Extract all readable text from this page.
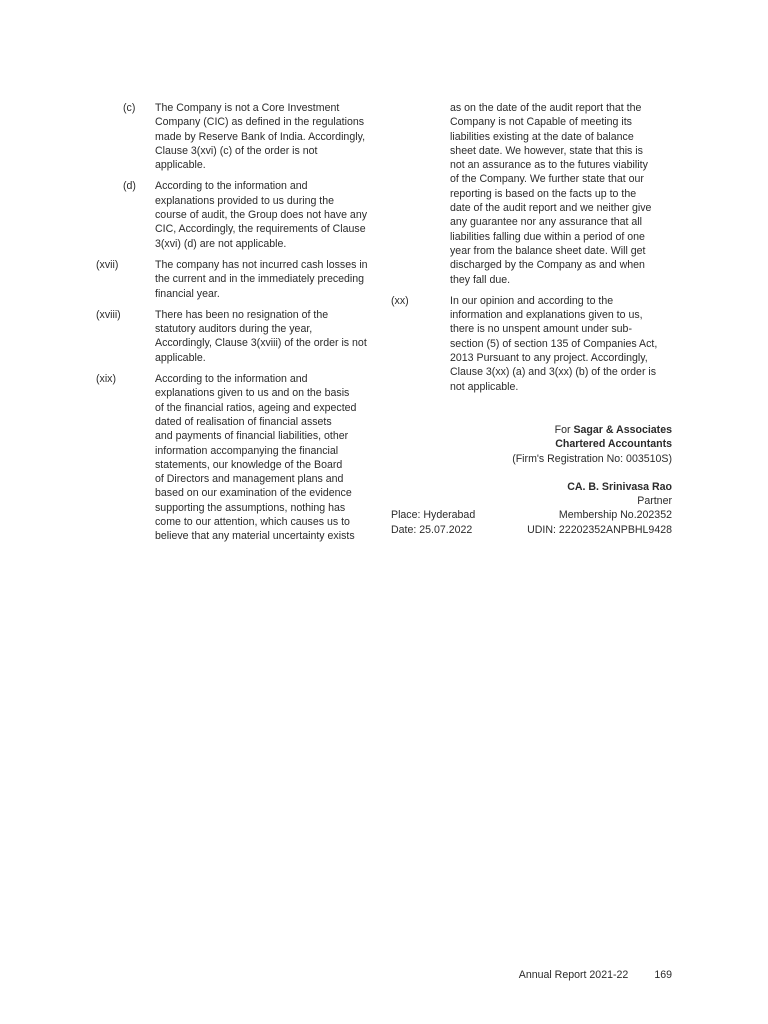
(c)	The Company is not a Core Investment
Company (CIC) as defined in the regulations
made by Reserve Bank of India. Accordingly,
Clause 3(xvi) (c) of the order is not
applicable.
(d)	According to the information and
explanations provided to us during the
course of audit, the Group does not have any
CIC, Accordingly, the requirements of Clause
3(xvi) (d) are not applicable.
(xvii)	The company has not incurred cash losses in
the current and in the immediately preceding
financial year.
(xviii)	There has been no resignation of the
statutory auditors during the year,
Accordingly, Clause 3(xviii) of the order is not
applicable.
(xix)	According to the information and
explanations given to us and on the basis
of the financial ratios, ageing and expected
dated of realisation of financial assets
and payments of financial liabilities, other
information accompanying the financial
statements, our knowledge of the Board
of Directors and management plans and
based on our examination of the evidence
supporting the assumptions, nothing has
come to our attention, which causes us to
believe that any material uncertainty exists
as on the date of the audit report that the
Company is not Capable of meeting its
liabilities existing at the date of balance
sheet date. We however, state that this is
not an assurance as to the futures viability
of the Company. We further state that our
reporting is based on the facts up to the
date of the audit report and we neither give
any guarantee nor any assurance that all
liabilities falling due within a period of one
year from the balance sheet date. Will get
discharged by the Company as and when
they fall due.
(xx)	In our opinion and according to the
information and explanations given to us,
there is no unspent amount under sub-
section (5) of section 135 of Companies Act,
2013 Pursuant to any project. Accordingly,
Clause 3(xx) (a) and 3(xx) (b) of the order is
not applicable.
For Sagar & Associates
Chartered Accountants
(Firm's Registration No: 003510S)
CA. B. Srinivasa Rao
Partner
Place: Hyderabad	Membership No.202352
Date: 25.07.2022	UDIN: 22202352ANPBHL9428
Annual Report 2021-22 169
